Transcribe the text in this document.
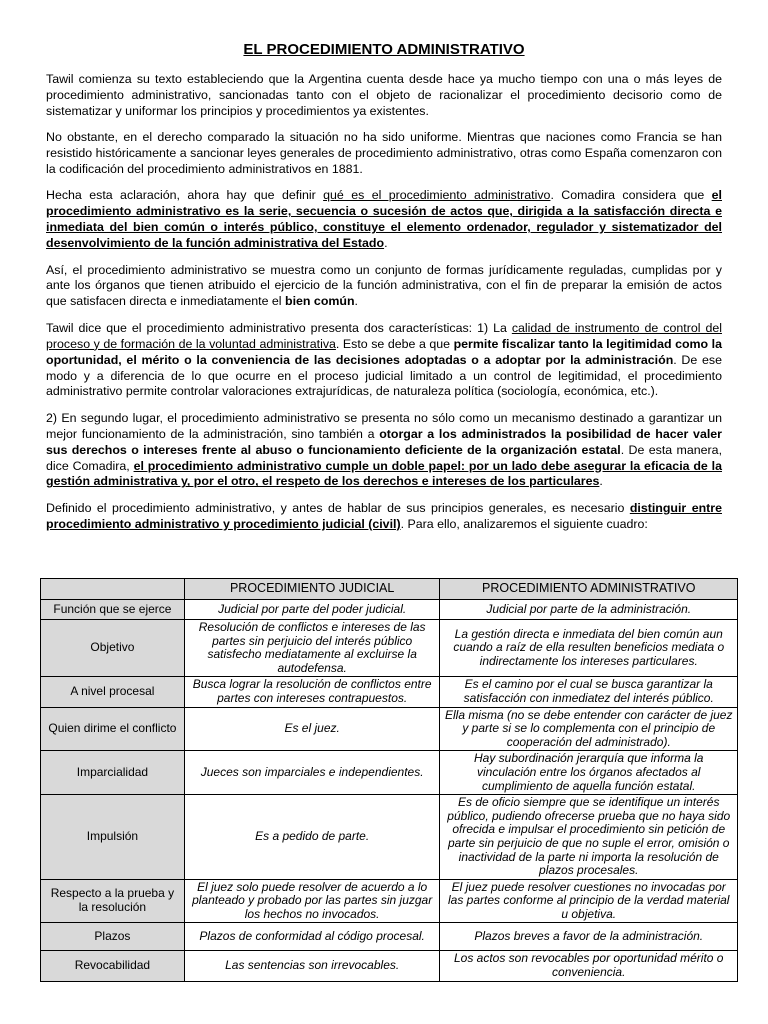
EL PROCEDIMIENTO ADMINISTRATIVO

Tawil comienza su texto estableciendo que la Argentina cuenta desde hace ya mucho tiempo con una o más leyes de procedimiento administrativo, sancionadas tanto con el objeto de racionalizar el procedimiento decisorio como de sistematizar y uniformar los principios y procedimientos ya existentes.

No obstante, en el derecho comparado la situación no ha sido uniforme. Mientras que naciones como Francia se han resistido históricamente a sancionar leyes generales de procedimiento administrativo, otras como España comenzaron con la codificación del procedimiento administrativos en 1881.

Hecha esta aclaración, ahora hay que definir qué es el procedimiento administrativo. Comadira considera que el procedimiento administrativo es la serie, secuencia o sucesión de actos que, dirigida a la satisfacción directa e inmediata del bien común o interés público, constituye el elemento ordenador, regulador y sistematizador del desenvolvimiento de la función administrativa del Estado.

Así, el procedimiento administrativo se muestra como un conjunto de formas jurídicamente reguladas, cumplidas por y ante los órganos que tienen atribuido el ejercicio de la función administrativa, con el fin de preparar la emisión de actos que satisfacen directa e inmediatamente el bien común.

Tawil dice que el procedimiento administrativo presenta dos características: 1) La calidad de instrumento de control del proceso y de formación de la voluntad administrativa. Esto se debe a que permite fiscalizar tanto la legitimidad como la oportunidad, el mérito o la conveniencia de las decisiones adoptadas o a adoptar por la administración. De ese modo y a diferencia de lo que ocurre en el proceso judicial limitado a un control de legitimidad, el procedimiento administrativo permite controlar valoraciones extrajurídicas, de naturaleza política (sociología, económica, etc.).

2) En segundo lugar, el procedimiento administrativo se presenta no sólo como un mecanismo destinado a garantizar un mejor funcionamiento de la administración, sino también a otorgar a los administrados la posibilidad de hacer valer sus derechos o intereses frente al abuso o funcionamiento deficiente de la organización estatal. De esta manera, dice Comadira, el procedimiento administrativo cumple un doble papel: por un lado debe asegurar la eficacia de la gestión administrativa y, por el otro, el respeto de los derechos e intereses de los particulares.

Definido el procedimiento administrativo, y antes de hablar de sus principios generales, es necesario distinguir entre procedimiento administrativo y procedimiento judicial (civil). Para ello, analizaremos el siguiente cuadro:

	PROCEDIMIENTO JUDICIAL	PROCEDIMIENTO ADMINISTRATIVO
Función que se ejerce	Judicial por parte del poder judicial.	Judicial por parte de la administración.
Objetivo	Resolución de conflictos e intereses de las partes sin perjuicio del interés público satisfecho mediatamente al excluirse la autodefensa.	La gestión directa e inmediata del bien común aun cuando a raíz de ella resulten beneficios mediata o indirectamente los intereses particulares.
A nivel procesal	Busca lograr la resolución de conflictos entre partes con intereses contrapuestos.	Es el camino por el cual se busca garantizar la satisfacción con inmediatez del interés público.
Quien dirime el conflicto	Es el juez.	Ella misma (no se debe entender con carácter de juez y parte si se lo complementa con el principio de cooperación del administrado).
Imparcialidad	Jueces son imparciales e independientes.	Hay subordinación jerarquía que informa la vinculación entre los órganos afectados al cumplimiento de aquella función estatal.
Impulsión	Es a pedido de parte.	Es de oficio siempre que se identifique un interés público, pudiendo ofrecerse prueba que no haya sido ofrecida e impulsar el procedimiento sin petición de parte sin perjuicio de que no suple el error, omisión o inactividad de la parte ni importa la resolución de plazos procesales.
Respecto a la prueba y la resolución	El juez solo puede resolver de acuerdo a lo planteado y probado por las partes sin juzgar los hechos no invocados.	El juez puede resolver cuestiones no invocadas por las partes conforme al principio de la verdad material u objetiva.
Plazos	Plazos de conformidad al código procesal.	Plazos breves a favor de la administración.
Revocabilidad	Las sentencias son irrevocables.	Los actos son revocables por oportunidad mérito o conveniencia.
